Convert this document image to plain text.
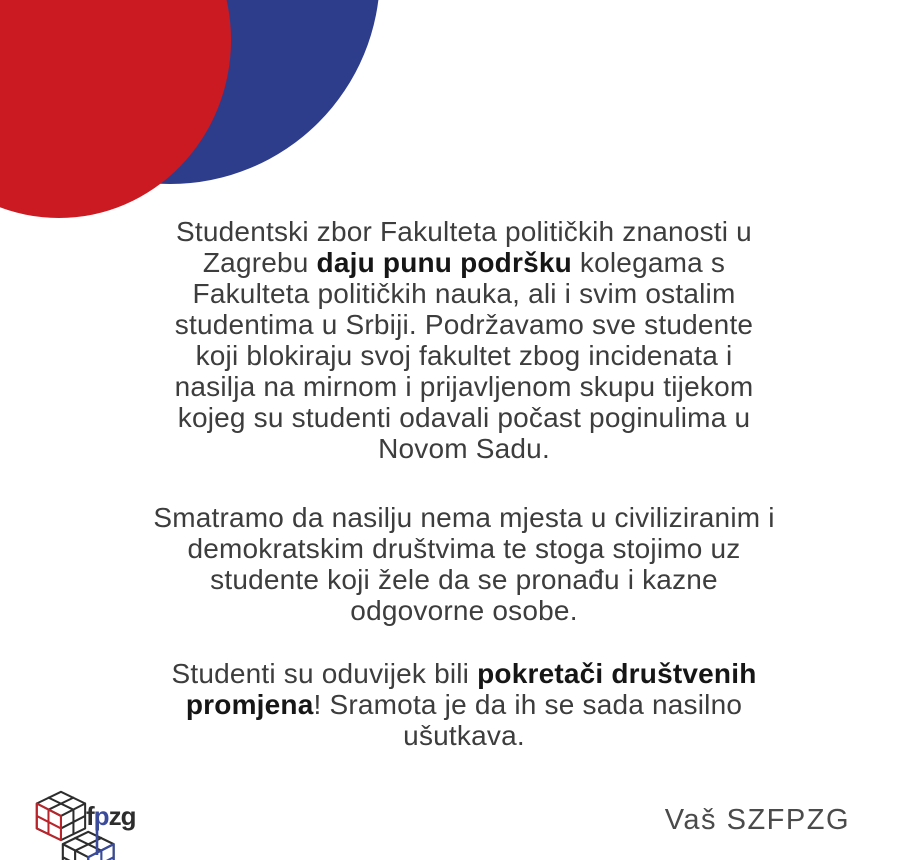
Studentski zbor Fakulteta političkih znanosti u

Zagrebu daju punu podršku kolegama s

Fakulteta političkih nauka, ali i svim ostalim

studentima u Srbiji. Podržavamo sve studente

koji blokiraju svoj fakultet zbog incidenata i

nasilja na mirnom i prijavljenom skupu tijekom

kojeg su studenti odavali počast poginulima u

Novom Sadu.

Smatramo da nasilju nema mjesta u civiliziranim i

demokratskim društvima te stoga stojimo uz

studente koji žele da se pronađu i kazne

odgovorne osobe.

Studenti su oduvijek bili pokretači društvenih

promjena! Sramota je da ih se sada nasilno

ušutkava.

fpzg	Vaš SZFPZG
